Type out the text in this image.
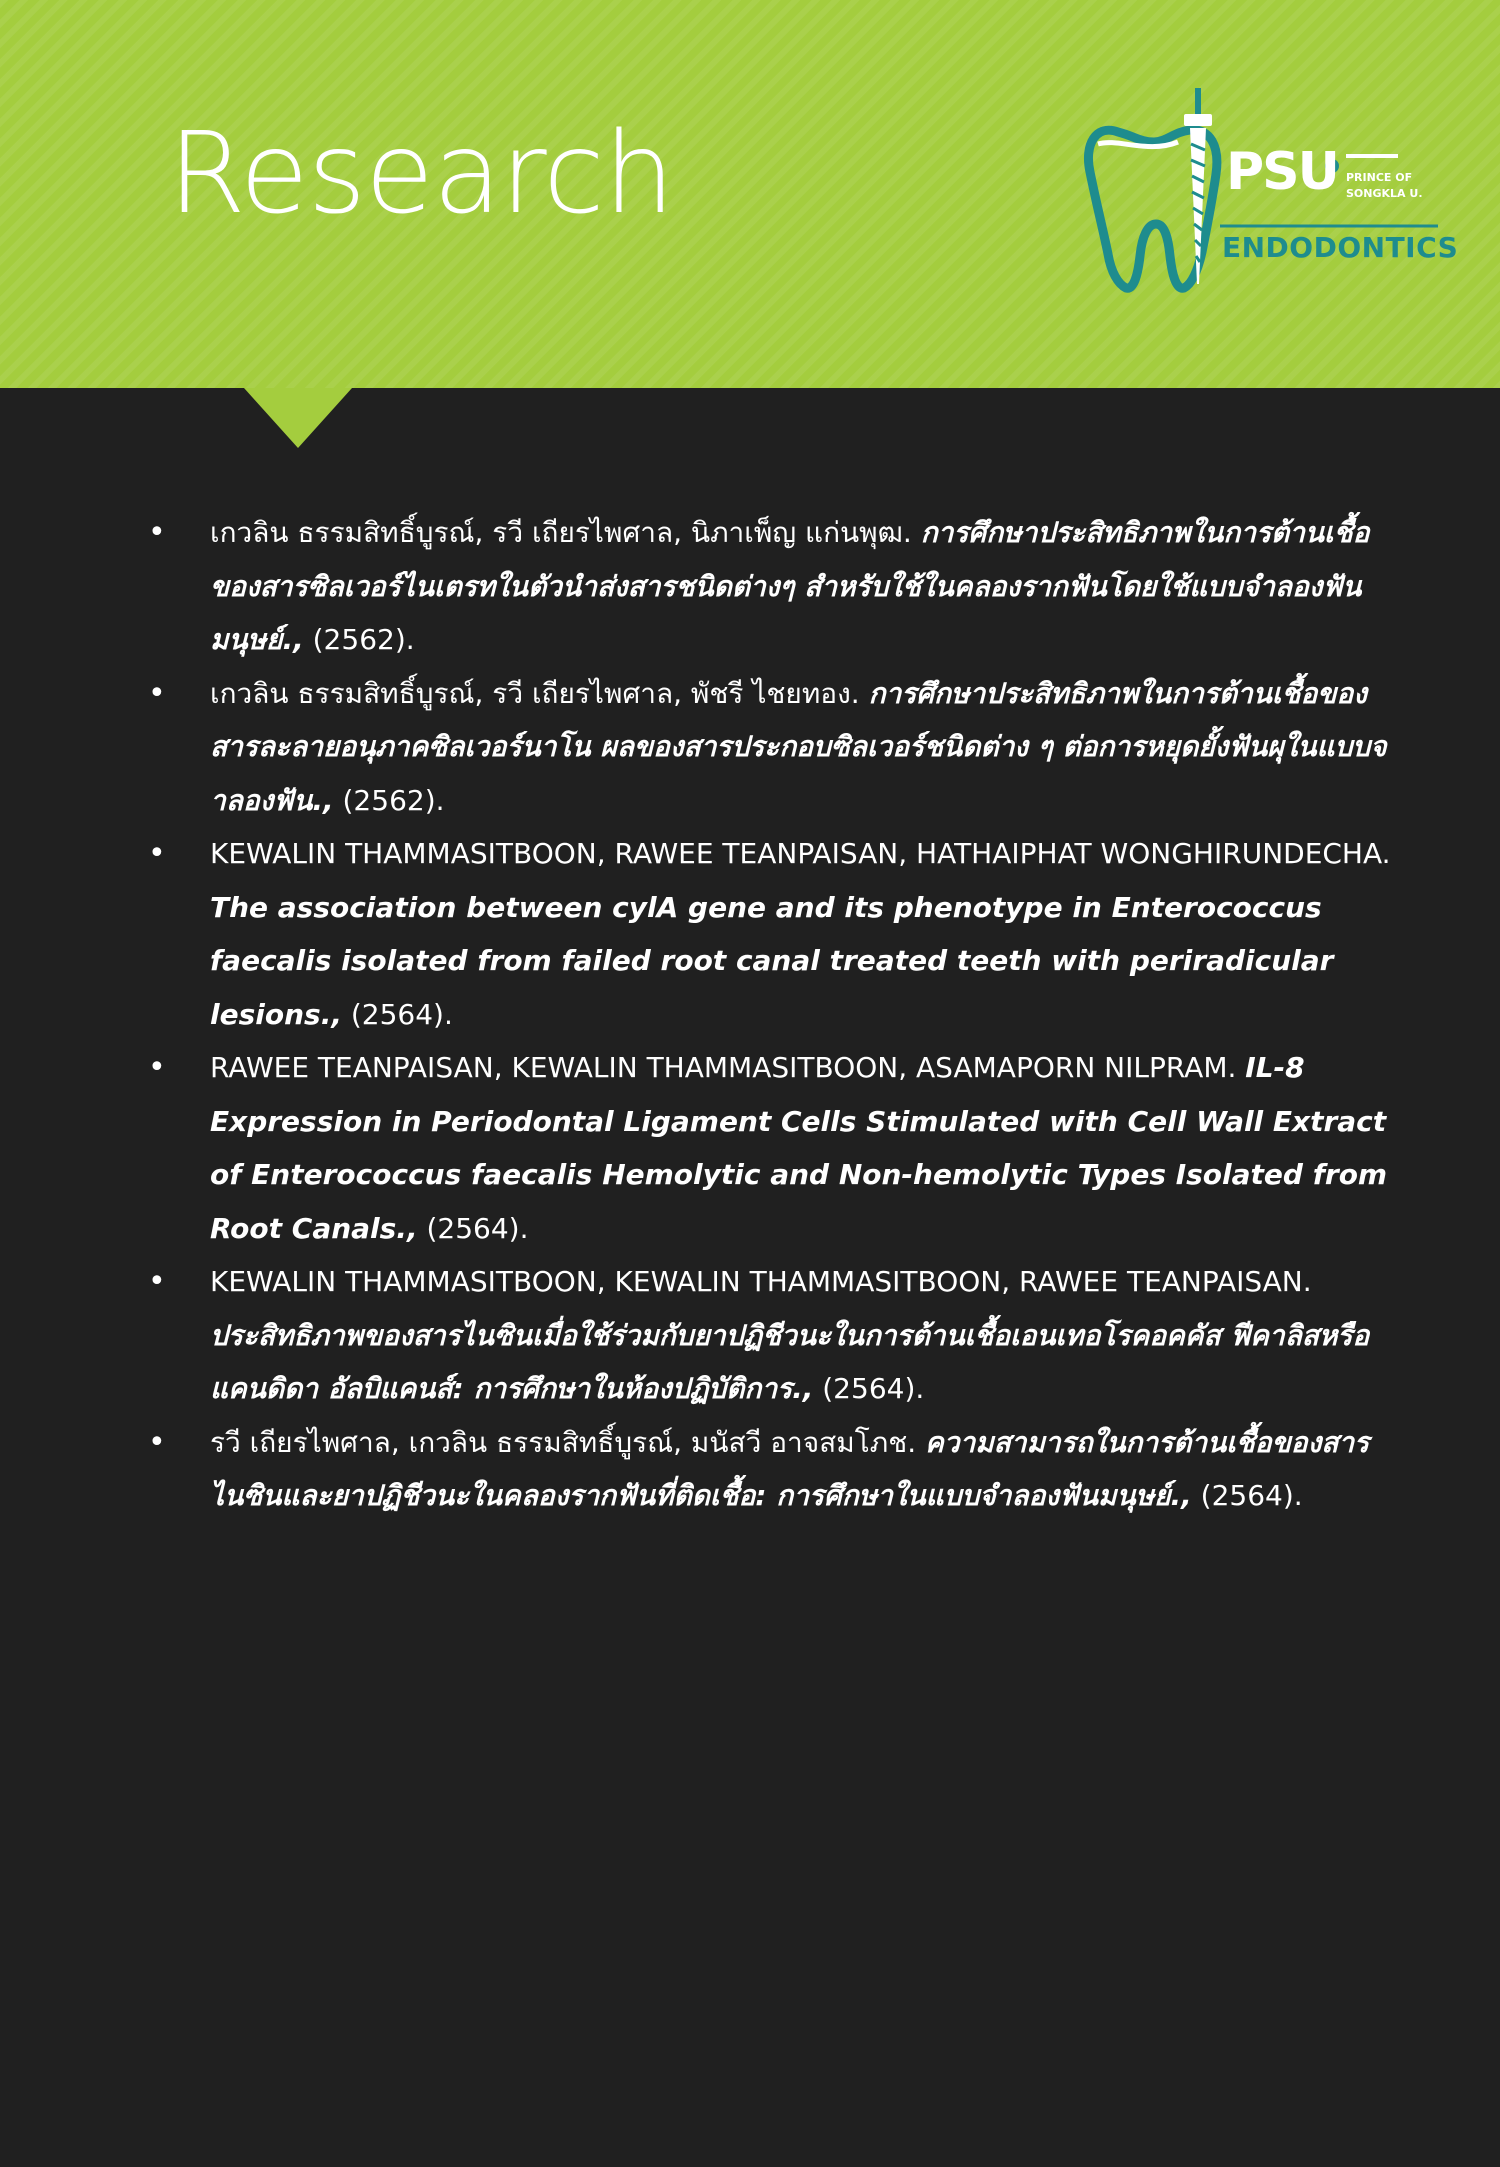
Research	PSU PRINCE OF
SONGKLA U.
ENDODONTICS
• เกวลิน ธรรมสิทธิ์บูรณ์, รวี เถียรไพศาล, นิภาเพ็ญ แก่นพุฒ. การศึกษาประสิทธิภาพในการต้านเชื้อของสารซิลเวอร์ไนเตรทในตัวนำส่งสารชนิดต่างๆ สำหรับใช้ในคลองรากฟันโดยใช้แบบจำลองฟันมนุษย์., (2562).
• เกวลิน ธรรมสิทธิ์บูรณ์, รวี เถียรไพศาล, พัชรี ไชยทอง. การศึกษาประสิทธิภาพในการต้านเชื้อของสารละลายอนุภาคซิลเวอร์นาโน ผลของสารประกอบซิลเวอร์ชนิดต่าง ๆ ต่อการหยุดยั้งฟันผุในแบบจ าลองฟัน., (2562).
• KEWALIN THAMMASITBOON, RAWEE TEANPAISAN, HATHAIPHAT WONGHIRUNDECHA. The association between cylA gene and its phenotype in Enterococcus faecalis isolated from failed root canal treated teeth with periradicular lesions., (2564).
• RAWEE TEANPAISAN, KEWALIN THAMMASITBOON, ASAMAPORN NILPRAM. IL-8 Expression in Periodontal Ligament Cells Stimulated with Cell Wall Extract of Enterococcus faecalis Hemolytic and Non-hemolytic Types Isolated from Root Canals., (2564).
• KEWALIN THAMMASITBOON, KEWALIN THAMMASITBOON, RAWEE TEANPAISAN. ประสิทธิภาพของสารไนซินเมื่อใช้ร่วมกับยาปฏิชีวนะในการต้านเชื้อเอนเทอโรคอคคัส ฟีคาลิสหรือแคนดิดา อัลบิแคนส์: การศึกษาในห้องปฏิบัติการ., (2564).
• รวี เถียรไพศาล, เกวลิน ธรรมสิทธิ์บูรณ์, มนัสวี อาจสมโภช. ความสามารถในการต้านเชื้อของสารไนซินและยาปฏิชีวนะในคลองรากฟันที่ติดเชื้อ: การศึกษาในแบบจำลองฟันมนุษย์., (2564).
